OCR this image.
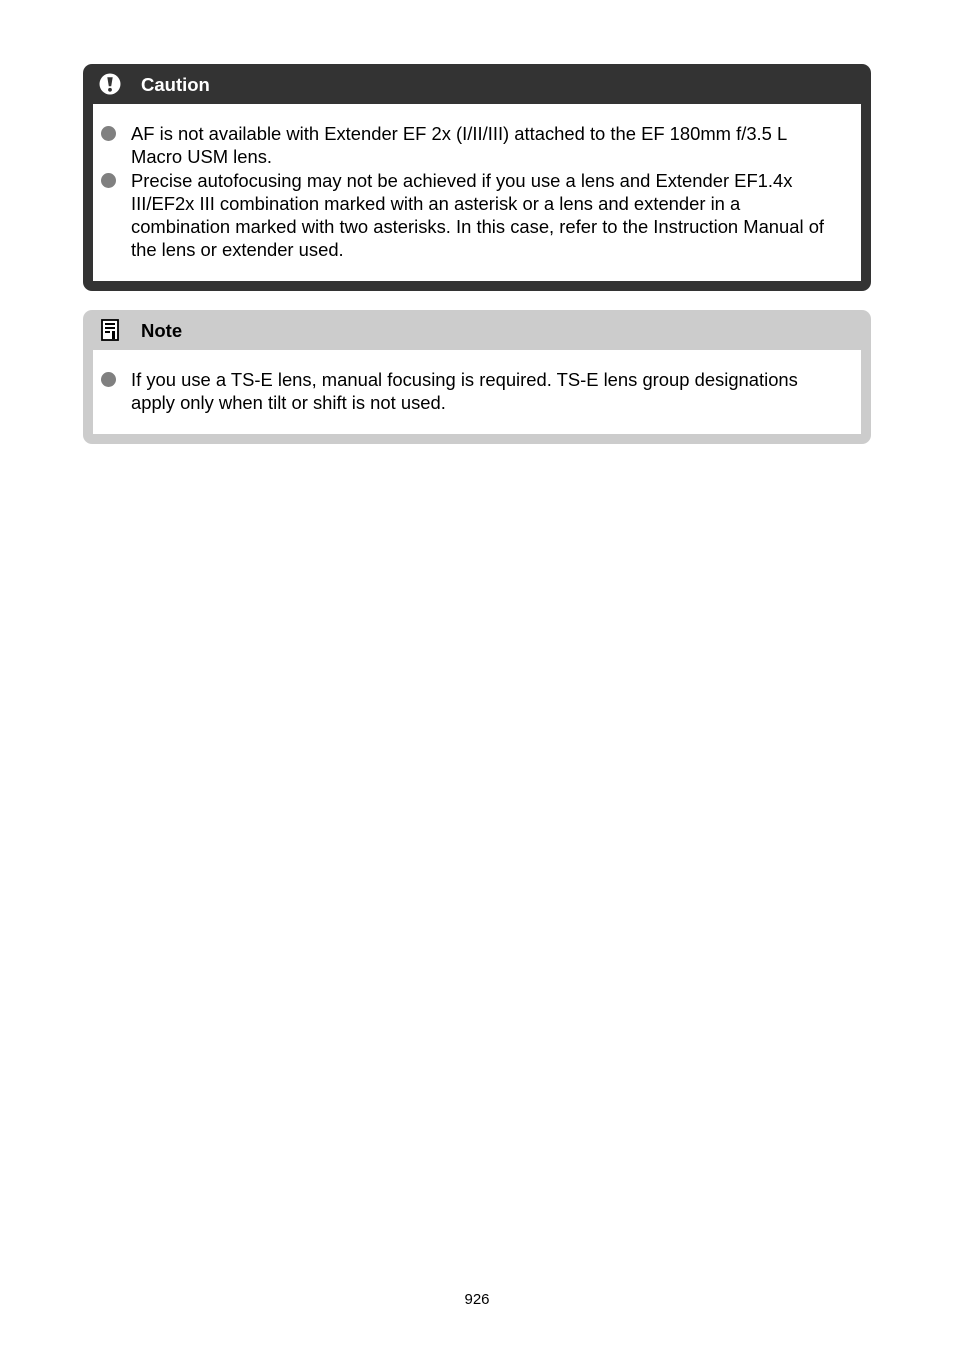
Caution
AF is not available with Extender EF 2x (I/II/III) attached to the EF 180mm f/3.5 L Macro USM lens.
Precise autofocusing may not be achieved if you use a lens and Extender EF1.4x III/EF2x III combination marked with an asterisk or a lens and extender in a combination marked with two asterisks. In this case, refer to the Instruction Manual of the lens or extender used.
Note
If you use a TS-E lens, manual focusing is required. TS-E lens group designations apply only when tilt or shift is not used.
926
